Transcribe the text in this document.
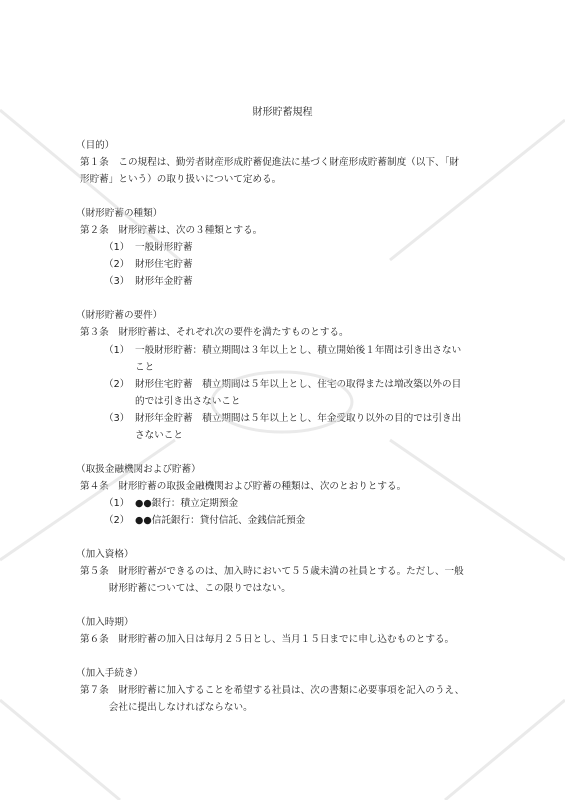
財形貯蓄規程
（目的）
第１条　この規程は、勤労者財産形成貯蓄促進法に基づく財産形成貯蓄制度（以下、「財
形貯蓄」という）の取り扱いについて定める。
（財形貯蓄の種類）
第２条　財形貯蓄は、次の３種類とする。
（1） 一般財形貯蓄
（2） 財形住宅貯蓄
（3） 財形年金貯蓄
（財形貯蓄の要件）
第３条　財形貯蓄は、それぞれ次の要件を満たすものとする。
（1） 一般財形貯蓄：積立期間は３年以上とし、積立開始後１年間は引き出さない
こと
（2） 財形住宅貯蓄　積立期間は５年以上とし、住宅の取得または増改築以外の目
的では引き出さないこと
（3） 財形年金貯蓄　積立期間は５年以上とし、年金受取り以外の目的では引き出
さないこと
（取扱金融機関および貯蓄）
第４条　財形貯蓄の取扱金融機関および貯蓄の種類は、次のとおりとする。
（1） ●●銀行：積立定期預金
（2） ●●信託銀行：貸付信託、金銭信託預金
（加入資格）
第５条　財形貯蓄ができるのは、加入時において５５歳未満の社員とする。ただし、一般
　　　財形貯蓄については、この限りではない。
（加入時期）
第６条　財形貯蓄の加入日は毎月２５日とし、当月１５日までに申し込むものとする。
（加入手続き）
第７条　財形貯蓄に加入することを希望する社員は、次の書類に必要事項を記入のうえ、
　　　会社に提出しなければならない。
